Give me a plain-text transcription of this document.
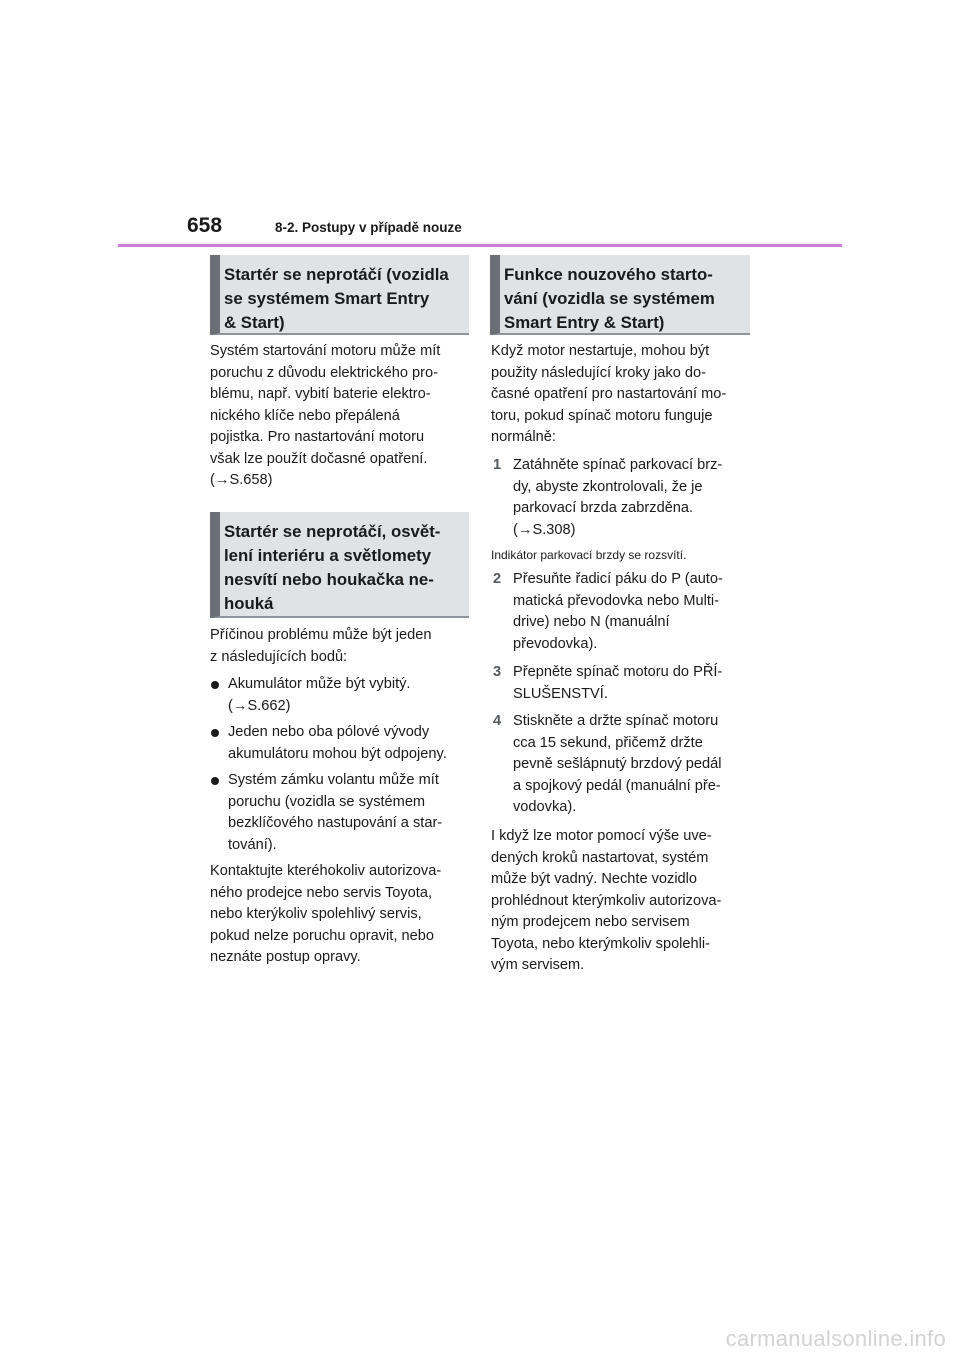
658	8-2. Postupy v případě nouze
Startér se neprotáčí (vozidla
se systémem Smart Entry
& Start)
Systém startování motoru může mít
poruchu z důvodu elektrického pro-
blému, např. vybití baterie elektro-
nického klíče nebo přepálená
pojistka. Pro nastartování motoru
však lze použít dočasné opatření.
(→S.658)
Startér se neprotáčí, osvět-
lení interiéru a světlomety
nesvítí nebo houkačka ne-
houká
Příčinou problému může být jeden
z následujících bodů:
Akumulátor může být vybitý.
(→S.662)
Jeden nebo oba pólové vývody
akumulátoru mohou být odpojeny.
Systém zámku volantu může mít
poruchu (vozidla se systémem
bezklíčového nastupování a star-
tování).
Kontaktujte kteréhokoliv autorizova-
ného prodejce nebo servis Toyota,
nebo kterýkoliv spolehlivý servis,
pokud nelze poruchu opravit, nebo
neznáte postup opravy.
Funkce nouzového starto-
vání (vozidla se systémem
Smart Entry & Start)
Když motor nestartuje, mohou být
použity následující kroky jako do-
časné opatření pro nastartování mo-
toru, pokud spínač motoru funguje
normálně:
1 Zatáhněte spínač parkovací brz-
dy, abyste zkontrolovali, že je
parkovací brzda zabrzděna.
(→S.308)
Indikátor parkovací brzdy se rozsvítí.
2 Přesuňte řadicí páku do P (auto-
matická převodovka nebo Multi-
drive) nebo N (manuální
převodovka).
3 Přepněte spínač motoru do PŘÍ-
SLUŠENSTVÍ.
4 Stiskněte a držte spínač motoru
cca 15 sekund, přičemž držte
pevně sešlápnutý brzdový pedál
a spojkový pedál (manuální pře-
vodovka).
I když lze motor pomocí výše uve-
dených kroků nastartovat, systém
může být vadný. Nechte vozidlo
prohlédnout kterýmkoliv autorizova-
ným prodejcem nebo servisem
Toyota, nebo kterýmkoliv spolehli-
vým servisem.
carmanualsonline.info
